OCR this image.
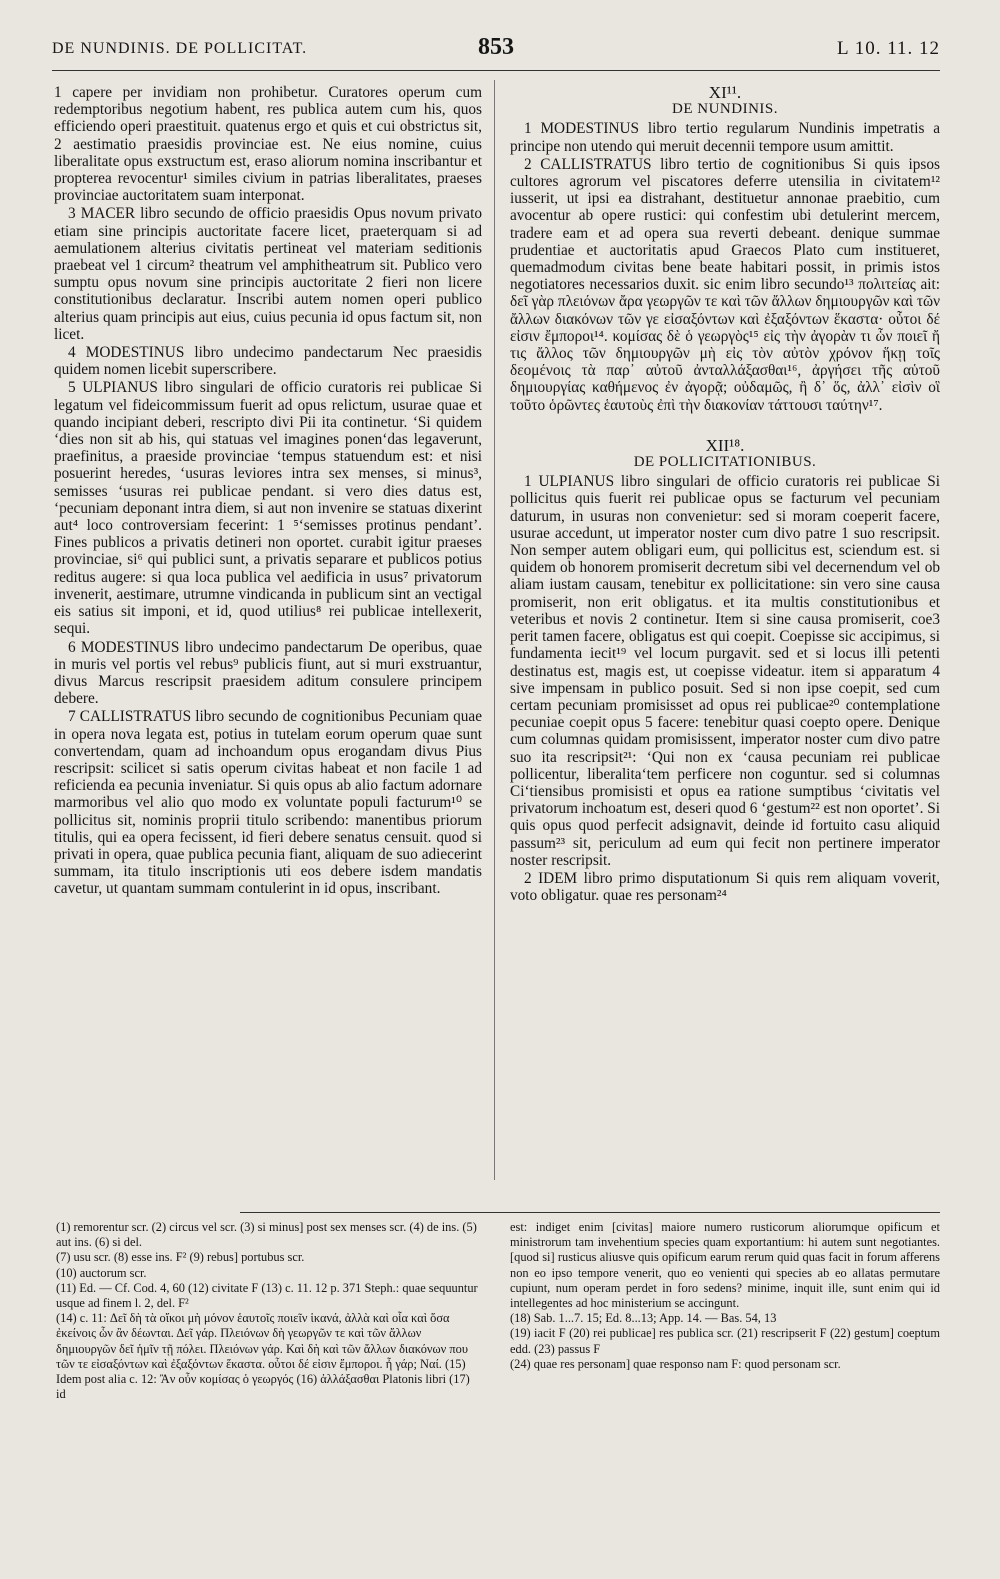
DE NUNDINIS. DE POLLICITAT.	853	L 10. 11. 12

1 capere per invidiam non prohibetur. Curatores operum cum redemptoribus negotium habent, res publica autem cum his, quos efficiendo operi praestituit. quatenus ergo et quis et cui obstrictus sit, 2 aestimatio praesidis provinciae est. Ne eius nomine, cuius liberalitate opus exstructum est, eraso aliorum nomina inscribantur et propterea revocentur¹ similes civium in patrias liberalitates, praeses provinciae auctoritatem suam interponat.

3 MACER libro secundo de officio praesidis Opus novum privato etiam sine principis auctoritate facere licet, praeterquam si ad aemulationem alterius civitatis pertineat vel materiam seditionis praebeat vel 1 circum² theatrum vel amphitheatrum sit. Publico vero sumptu opus novum sine principis auctoritate 2 fieri non licere constitutionibus declaratur. Inscribi autem nomen operi publico alterius quam principis aut eius, cuius pecunia id opus factum sit, non licet.

4 MODESTINUS libro undecimo pandectarum Nec praesidis quidem nomen licebit superscribere.

5 ULPIANUS libro singulari de officio curatoris rei publicae Si legatum vel fideicommissum fuerit ad opus relictum, usurae quae et quando incipiant deberi, rescripto divi Pii ita continetur. ‘Si quidem ‘dies non sit ab his, qui statuas vel imagines ponen‘das legaverunt, praefinitus, a praeside provinciae ‘tempus statuendum est: et nisi posuerint heredes, ‘usuras leviores intra sex menses, si minus³, semisses ‘usuras rei publicae pendant. si vero dies datus est, ‘pecuniam deponant intra diem, si aut non invenire se statuas dixerint aut⁴ loco controversiam fecerint: 1 ⁵‘semisses protinus pendant’. Fines publicos a privatis detineri non oportet. curabit igitur praeses provinciae, si⁶ qui publici sunt, a privatis separare et publicos potius reditus augere: si qua loca publica vel aedificia in usus⁷ privatorum invenerit, aestimare, utrumne vindicanda in publicum sint an vectigal eis satius sit imponi, et id, quod utilius⁸ rei publicae intellexerit, sequi.

6 MODESTINUS libro undecimo pandectarum De operibus, quae in muris vel portis vel rebus⁹ publicis fiunt, aut si muri exstruantur, divus Marcus rescripsit praesidem aditum consulere principem debere.

7 CALLISTRATUS libro secundo de cognitionibus Pecuniam quae in opera nova legata est, potius in tutelam eorum operum quae sunt convertendam, quam ad inchoandum opus erogandam divus Pius rescripsit: scilicet si satis operum civitas habeat et non facile 1 ad reficienda ea pecunia inveniatur. Si quis opus ab alio factum adornare marmoribus vel alio quo modo ex voluntate populi facturum¹⁰ se pollicitus sit, nominis proprii titulo scribendo: manentibus priorum titulis, qui ea opera fecissent, id fieri debere senatus censuit. quod si privati in opera, quae publica pecunia fiant, aliquam de suo adiecerint summam, ita titulo inscriptionis uti eos debere isdem mandatis cavetur, ut quantam summam contulerint in id opus, inscribant.

XI¹¹.
DE NUNDINIS.

1 MODESTINUS libro tertio regularum Nundinis impetratis a principe non utendo qui meruit decennii tempore usum amittit.

2 CALLISTRATUS libro tertio de cognitionibus Si quis ipsos cultores agrorum vel piscatores deferre utensilia in civitatem¹² iusserit, ut ipsi ea distrahant, destituetur annonae praebitio, cum avocentur ab opere rustici: qui confestim ubi detulerint mercem, tradere eam et ad opera sua reverti debeant. denique summae prudentiae et auctoritatis apud Graecos Plato cum institueret, quemadmodum civitas bene beate habitari possit, in primis istos negotiatores necessarios duxit. sic enim libro secundo¹³ πολιτείας ait: δεῖ γὰρ πλειόνων ἄρα γεωργῶν τε καὶ τῶν ἄλλων δημιουργῶν καὶ τῶν ἄλλων διακόνων τῶν γε εἰσαξόντων καὶ ἐξαξόντων ἕκαστα· οὗτοι δέ εἰσιν ἔμποροι¹⁴. κομίσας δὲ ὁ γεωργὸς¹⁵ εἰς τὴν ἀγορὰν τι ὧν ποιεῖ ἤ τις ἄλλος τῶν δημιουργῶν μὴ εἰς τὸν αὐτὸν χρόνον ἥκῃ τοῖς δεομένοις τὰ παρ᾽ αὐτοῦ ἀνταλλάξασθαι¹⁶, ἀργήσει τῆς αὑτοῦ δημιουργίας καθήμενος ἐν ἀγορᾷ; οὐδαμῶς, ἢ δ᾽ ὅς, ἀλλ᾽ εἰσὶν οἳ τοῦτο ὁρῶντες ἑαυτοὺς ἐπὶ τὴν διακονίαν τάττουσι ταύτην¹⁷.

XII¹⁸.
DE POLLICITATIONIBUS.

1 ULPIANUS libro singulari de officio curatoris rei publicae Si pollicitus quis fuerit rei publicae opus se facturum vel pecuniam daturum, in usuras non convenietur: sed si moram coeperit facere, usurae accedunt, ut imperator noster cum divo patre 1 suo rescripsit. Non semper autem obligari eum, qui pollicitus est, sciendum est. si quidem ob honorem promiserit decretum sibi vel decernendum vel ob aliam iustam causam, tenebitur ex pollicitatione: sin vero sine causa promiserit, non erit obligatus. et ita multis constitutionibus et veteribus et novis 2 continetur. Item si sine causa promiserit, coe3 perit tamen facere, obligatus est qui coepit. Coepisse sic accipimus, si fundamenta iecit¹⁹ vel locum purgavit. sed et si locus illi petenti destinatus est, magis est, ut coepisse videatur. item si apparatum 4 sive impensam in publico posuit. Sed si non ipse coepit, sed cum certam pecuniam promisisset ad opus rei publicae²⁰ contemplatione pecuniae coepit opus 5 facere: tenebitur quasi coepto opere. Denique cum columnas quidam promisissent, imperator noster cum divo patre suo ita rescripsit²¹: ‘Qui non ex ‘causa pecuniam rei publicae pollicentur, liberalita‘tem perficere non coguntur. sed si columnas Ci‘tiensibus promisisti et opus ea ratione sumptibus ‘civitatis vel privatorum inchoatum est, deseri quod 6 ‘gestum²² est non oportet’. Si quis opus quod perfecit adsignavit, deinde id fortuito casu aliquid passum²³ sit, periculum ad eum qui fecit non pertinere imperator noster rescripsit.

2 IDEM libro primo disputationum Si quis rem aliquam voverit, voto obligatur. quae res personam²⁴

(1) remorentur scr. (2) circus vel scr. (3) si minus] post sex menses scr. (4) de ins. (5) aut ins. (6) si del.
(7) usu scr. (8) esse ins. F² (9) rebus] portubus scr.
(10) auctorum scr.
(11) Ed. — Cf. Cod. 4, 60 (12) civitate F (13) c. 11. 12 p. 371 Steph.: quae sequuntur usque ad finem l. 2, del. F²
(14) c. 11: Δεῖ δὴ τὰ οἴκοι μὴ μόνον ἑαυτοῖς ποιεῖν ἱκανά, ἀλλὰ καὶ οἷα καὶ ὅσα ἐκείνοις ὧν ἂν δέωνται. Δεῖ γάρ. Πλειόνων δὴ γεωργῶν τε καὶ τῶν ἄλλων δημιουργῶν δεῖ ἡμῖν τῇ πόλει. Πλειόνων γάρ. Καὶ δὴ καὶ τῶν ἄλλων διακόνων που τῶν τε εἰσαξόντων καὶ ἐξαξόντων ἕκαστα. οὗτοι δέ εἰσιν ἔμποροι. ἦ γάρ; Ναί. (15) Idem post alia c. 12: Ἂν οὖν κομίσας ὁ γεωργός (16) ἀλλάξασθαι Platonis libri (17) id
est: indiget enim [civitas] maiore numero rusticorum aliorumque opificum et ministrorum tam invehentium species quam exportantium: hi autem sunt negotiantes. [quod si] rusticus aliusve quis opificum earum rerum quid quas facit in forum afferens non eo ipso tempore venerit, quo eo venienti qui species ab eo allatas permutare cupiunt, num operam perdet in foro sedens? minime, inquit ille, sunt enim qui id intellegentes ad hoc ministerium se accingunt.
(18) Sab. 1...7. 15; Ed. 8...13; App. 14. — Bas. 54, 13
(19) iacit F (20) rei publicae] res publica scr. (21) rescripserit F (22) gestum] coeptum edd. (23) passus F
(24) quae res personam] quae responso nam F: quod personam scr.
